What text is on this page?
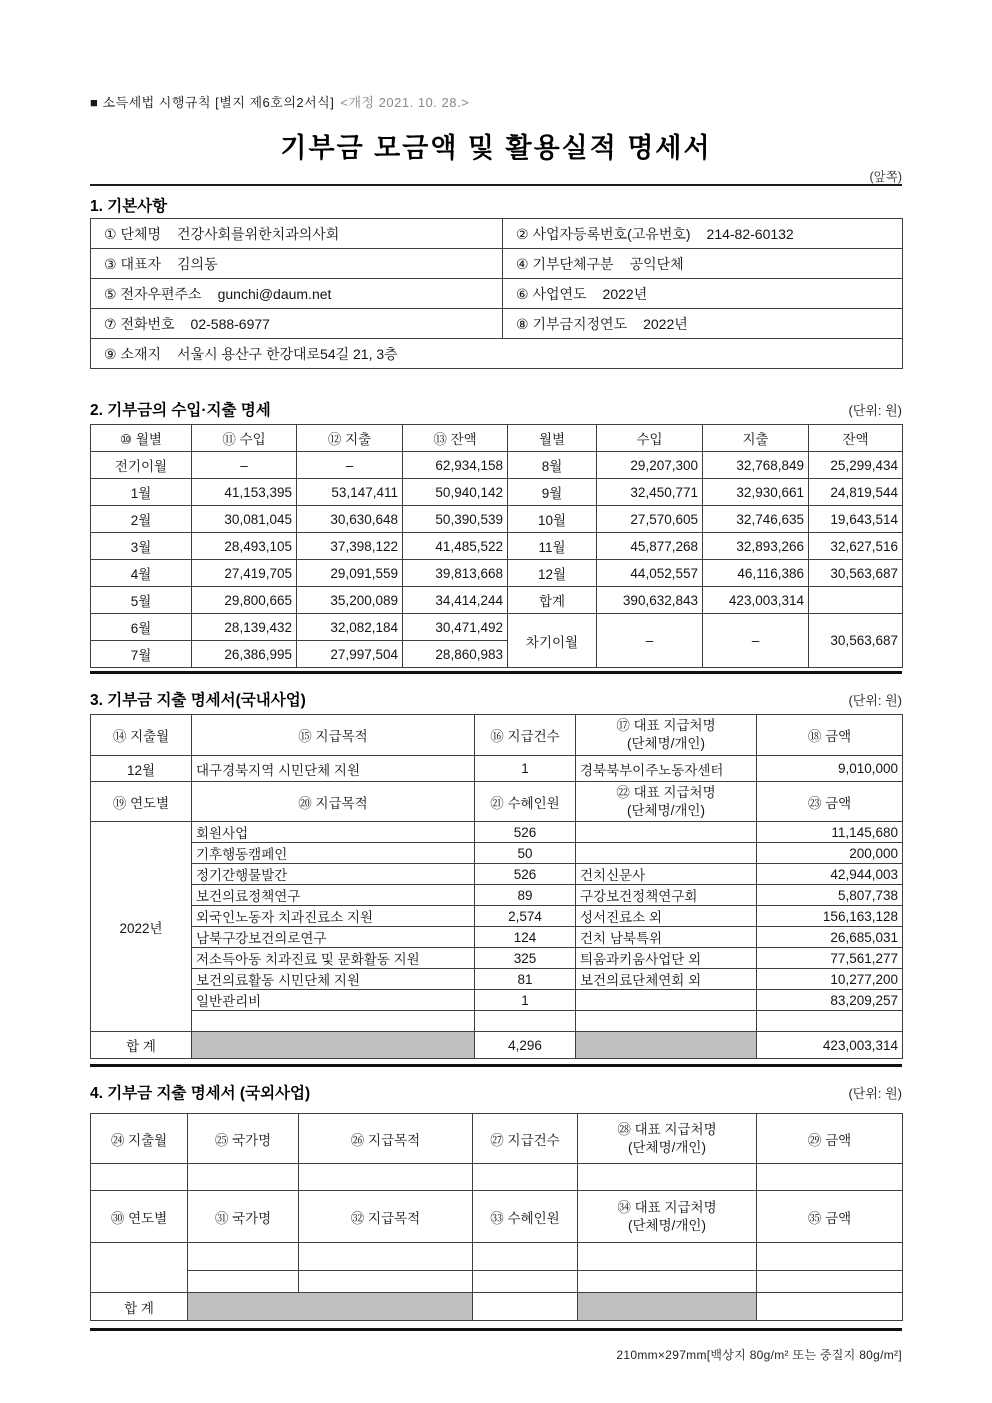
■ 소득세법 시행규칙 [별지 제6호의2서식] <개정 2021. 10. 28.>
기부금 모금액 및 활용실적 명세서
(앞쪽)
1. 기본사항
① 단체명 건강사회를위한치과의사회	② 사업자등록번호(고유번호) 214-82-60132
③ 대표자 김의동	④ 기부단체구분 공익단체
⑤ 전자우편주소 gunchi@daum.net	⑥ 사업연도 2022년
⑦ 전화번호 02-588-6977	⑧ 기부금지정연도 2022년
⑨ 소재지 서울시 용산구 한강대로54길 21, 3층	
2. 기부금의 수입·지출 명세	(단위: 원)
⑩ 월별	⑪ 수입	⑫ 지출	⑬ 잔액	월별	수입	지출	잔액
전기이월	–	–	62,934,158	8월	29,207,300	32,768,849	25,299,434
1월	41,153,395	53,147,411	50,940,142	9월	32,450,771	32,930,661	24,819,544
2월	30,081,045	30,630,648	50,390,539	10월	27,570,605	32,746,635	19,643,514
3월	28,493,105	37,398,122	41,485,522	11월	45,877,268	32,893,266	32,627,516
4월	27,419,705	29,091,559	39,813,668	12월	44,052,557	46,116,386	30,563,687
5월	29,800,665	35,200,089	34,414,244	합계	390,632,843	423,003,314	
6월	28,139,432	32,082,184	30,471,492	차기이월	–	–	30,563,687
7월	26,386,995	27,997,504	28,860,983				
3. 기부금 지출 명세서(국내사업)	(단위: 원)
⑭ 지출월	⑮ 지급목적	⑯ 지급건수	⑰ 대표 지급처명
(단체명/개인)	⑱ 금액
12월	대구경북지역 시민단체 지원	1	경북북부이주노동자센터	9,010,000
⑲ 연도별	⑳ 지급목적	㉑ 수혜인원	㉒ 대표 지급처명
(단체명/개인)	㉓ 금액
2022년	회원사업	526		11,145,680
	기후행동캠페인	50		200,000
	정기간행물발간	526	건치신문사	42,944,003
	보건의료정책연구	89	구강보건정책연구회	5,807,738
	외국인노동자 치과진료소 지원	2,574	성서진료소 외	156,163,128
	남북구강보건의로연구	124	건치 남북특위	26,685,031
	저소득아동 치과진료 및 문화활동 지원	325	틔움과키움사업단 외	77,561,277
	보건의료활동 시민단체 지원	81	보건의료단체연회 외	10,277,200
	일반관리비	1		83,209,257

합 계		4,296		423,003,314
4. 기부금 지출 명세서 (국외사업)	(단위: 원)
㉔ 지출월	㉕ 국가명	㉖ 지급목적	㉗ 지급건수	㉘ 대표 지급처명
(단체명/개인)	㉙ 금액

㉚ 연도별	㉛ 국가명	㉜ 지급목적	㉝ 수혜인원	㉞ 대표 지급처명
(단체명/개인)	㉟ 금액

합 계					
210mm×297mm[백상지 80g/m² 또는 중질지 80g/m²]
